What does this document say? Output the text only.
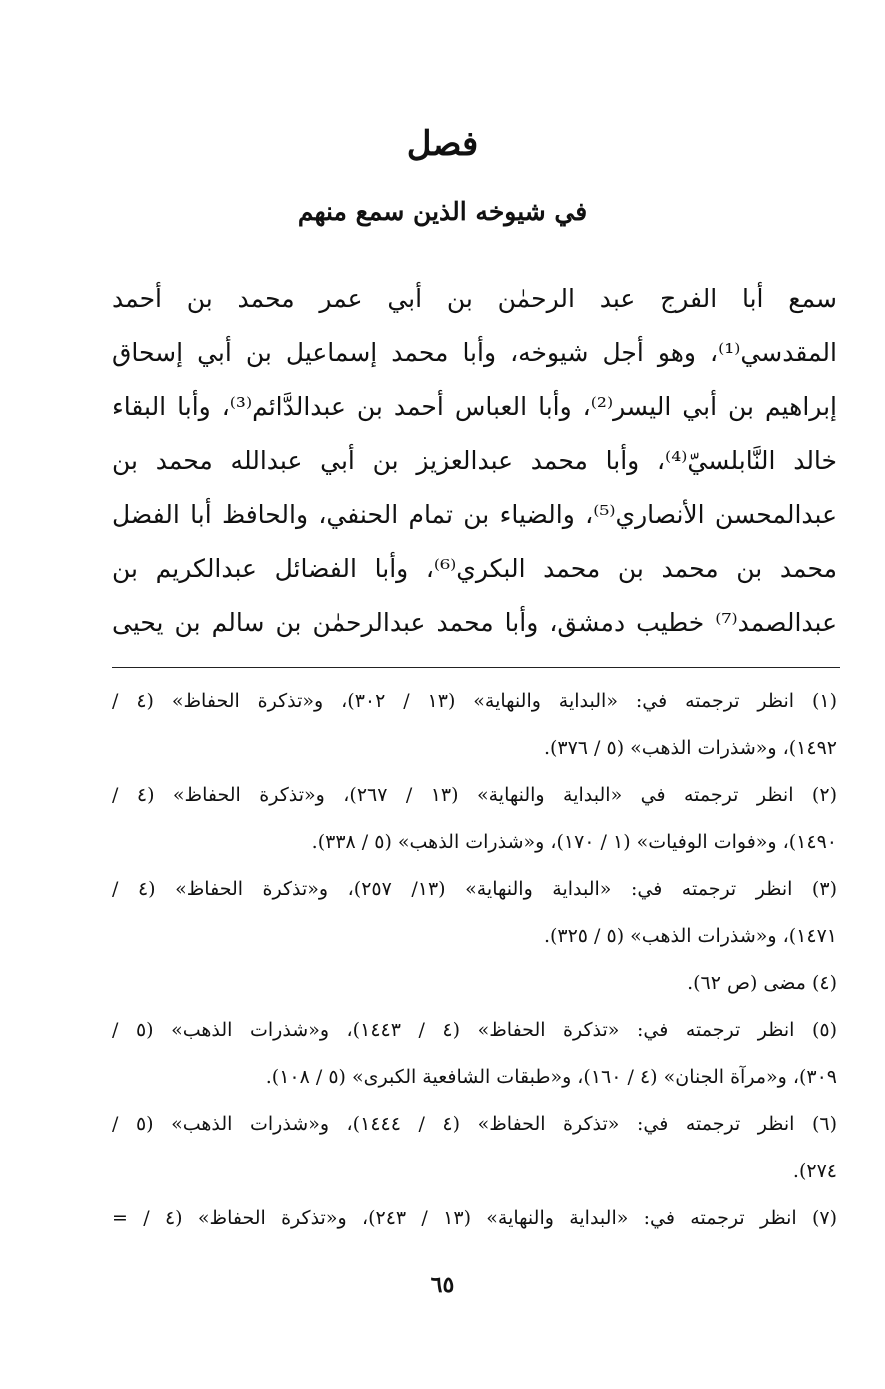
فصل
في شيوخه الذين سمع منهم
سمع أبا الفرج عبد الرحمٰن بن أبي عمر محمد بن أحمد
المقدسي⁽¹⁾، وهو أجل شيوخه، وأبا محمد إسماعيل بن أبي إسحاق
إبراهيم بن أبي اليسر⁽²⁾، وأبا العباس أحمد بن عبدالدَّائم⁽³⁾، وأبا البقاء
خالد النَّابلسيّ⁽⁴⁾، وأبا محمد عبدالعزيز بن أبي عبدالله محمد بن
عبدالمحسن الأنصاري⁽⁵⁾، والضياء بن تمام الحنفي، والحافظ أبا الفضل
محمد بن محمد بن محمد البكري⁽⁶⁾، وأبا الفضائل عبدالكريم بن
عبدالصمد⁽⁷⁾ خطيب دمشق، وأبا محمد عبدالرحمٰن بن سالم بن يحيى
(١) انظر ترجمته في: «البداية والنهاية» (١٣ / ٣٠٢)، و«تذكرة الحفاظ» (٤ /
١٤٩٢)، و«شذرات الذهب» (٥ / ٣٧٦).
(٢) انظر ترجمته في «البداية والنهاية» (١٣ / ٢٦٧)، و«تذكرة الحفاظ» (٤ /
١٤٩٠)، و«فوات الوفيات» (١ / ١٧٠)، و«شذرات الذهب» (٥ / ٣٣٨).
(٣) انظر ترجمته في: «البداية والنهاية» (١٣/ ٢٥٧)، و«تذكرة الحفاظ» (٤ /
١٤٧١)، و«شذرات الذهب» (٥ / ٣٢٥).
(٤) مضى (ص ٦٢).
(٥) انظر ترجمته في: «تذكرة الحفاظ» (٤ / ١٤٤٣)، و«شذرات الذهب» (٥ /
٣٠٩)، و«مرآة الجنان» (٤ / ١٦٠)، و«طبقات الشافعية الكبرى» (٥ / ١٠٨).
(٦) انظر ترجمته في: «تذكرة الحفاظ» (٤ / ١٤٤٤)، و«شذرات الذهب» (٥ /
٢٧٤).
(٧) انظر ترجمته في: «البداية والنهاية» (١٣ / ٢٤٣)، و«تذكرة الحفاظ» (٤ / =
٦٥
